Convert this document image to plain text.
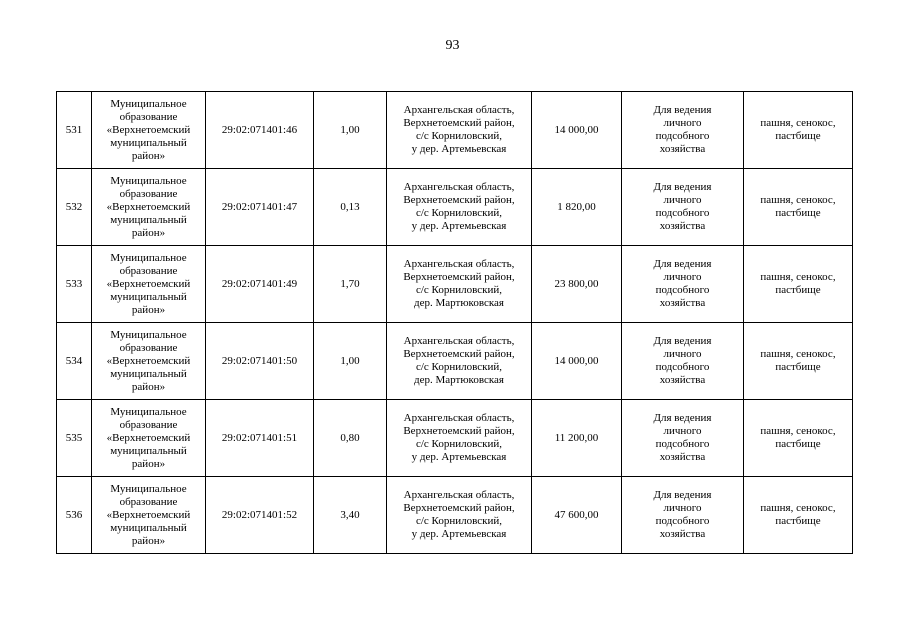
93
531	Муниципальное
образование
«Верхнетоемский
муниципальный
район»	29:02:071401:46	1,00	Архангельская область,
Верхнетоемский район,
с/с Корниловский,
у дер. Артемьевская	14 000,00	Для ведения
личного
подсобного
хозяйства	пашня, сенокос,
пастбище

532	Муниципальное
образование
«Верхнетоемский
муниципальный
район»	29:02:071401:47	0,13	Архангельская область,
Верхнетоемский район,
с/с Корниловский,
у дер. Артемьевская	1 820,00	Для ведения
личного
подсобного
хозяйства	пашня, сенокос,
пастбище

533	Муниципальное
образование
«Верхнетоемский
муниципальный
район»	29:02:071401:49	1,70	Архангельская область,
Верхнетоемский район,
с/с Корниловский,
дер. Мартюковская	23 800,00	Для ведения
личного
подсобного
хозяйства	пашня, сенокос,
пастбище

534	Муниципальное
образование
«Верхнетоемский
муниципальный
район»	29:02:071401:50	1,00	Архангельская область,
Верхнетоемский район,
с/с Корниловский,
дер. Мартюковская	14 000,00	Для ведения
личного
подсобного
хозяйства	пашня, сенокос,
пастбище

535	Муниципальное
образование
«Верхнетоемский
муниципальный
район»	29:02:071401:51	0,80	Архангельская область,
Верхнетоемский район,
с/с Корниловский,
у дер. Артемьевская	11 200,00	Для ведения
личного
подсобного
хозяйства	пашня, сенокос,
пастбище

536	Муниципальное
образование
«Верхнетоемский
муниципальный
район»	29:02:071401:52	3,40	Архангельская область,
Верхнетоемский район,
с/с Корниловский,
у дер. Артемьевская	47 600,00	Для ведения
личного
подсобного
хозяйства	пашня, сенокос,
пастбище
